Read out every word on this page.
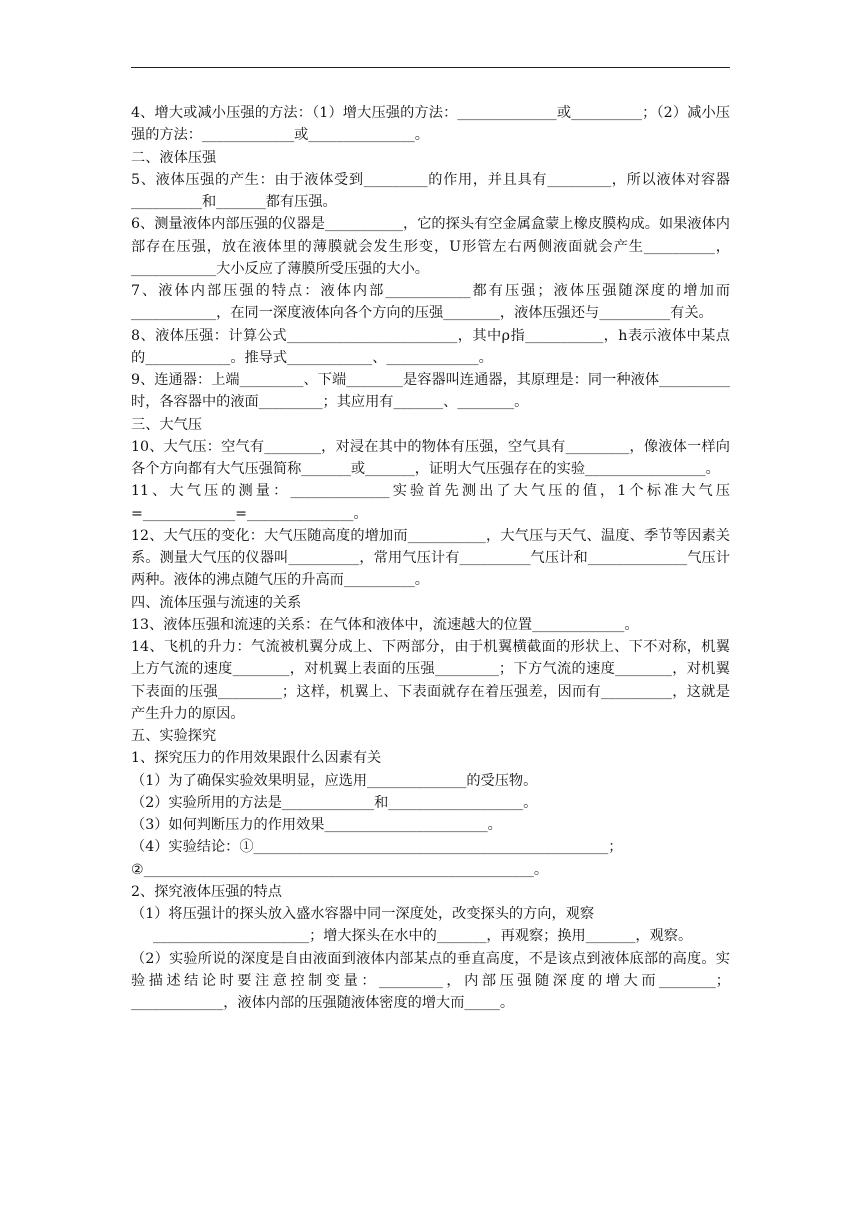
4、增大或减小压强的方法：（1）增大压强的方法：______________或__________；（2）减小压强的方法：_____________或_______________。

二、液体压强

5、液体压强的产生：由于液体受到_________的作用，并且具有_________，所以液体对容器__________和_______都有压强。

6、测量液体内部压强的仪器是___________，它的探头有空金属盒蒙上橡皮膜构成。如果液体内部存在压强，放在液体里的薄膜就会发生形变，U形管左右两侧液面就会产生__________，____________大小反应了薄膜所受压强的大小。

7、液体内部压强的特点：液体内部____________都有压强；液体压强随深度的增加而____________，在同一深度液体向各个方向的压强________，液体压强还与__________有关。

8、液体压强：计算公式________________________，其中ρ指___________，h表示液体中某点的____________。推导式____________、_____________。

9、连通器：上端_________、下端________是容器叫连通器，其原理是：同一种液体__________时，各容器中的液面_________；其应用有_______、________。

三、大气压

10、大气压：空气有________，对浸在其中的物体有压强，空气具有_________，像液体一样向各个方向都有大气压强简称_______或_______，证明大气压强存在的实验_________________。

11、大气压的测量：______________实验首先测出了大气压的值，1个标准大气压=_____________=_______________。

12、大气压的变化：大气压随高度的增加而___________，大气压与天气、温度、季节等因素关系。测量大气压的仪器叫__________，常用气压计有__________气压计和______________气压计两种。液体的沸点随气压的升高而__________。

四、流体压强与流速的关系

13、液体压强和流速的关系：在气体和液体中，流速越大的位置_____________。

14、飞机的升力：气流被机翼分成上、下两部分，由于机翼横截面的形状上、下不对称，机翼上方气流的速度________，对机翼上表面的压强_________；下方气流的速度________，对机翼下表面的压强_________；这样，机翼上、下表面就存在着压强差，因而有__________，这就是产生升力的原因。

五、实验探究

1、探究压力的作用效果跟什么因素有关

（1）为了确保实验效果明显，应选用______________的受压物。

（2）实验所用的方法是_____________和___________________。

（3）如何判断压力的作用效果_______________________。

（4）实验结论：①__________________________________________________；

②_______________________________________________________。

2、探究液体压强的特点

（1）将压强计的探头放入盛水容器中同一深度处，改变探头的方向，观察

______________________；增大探头在水中的_______，再观察；换用_______，观察。

（2）实验所说的深度是自由液面到液体内部某点的垂直高度，不是该点到液体底部的高度。实验描述结论时要注意控制变量：_________，内部压强随深度的增大而________；_____________，液体内部的压强随液体密度的增大而_____。
